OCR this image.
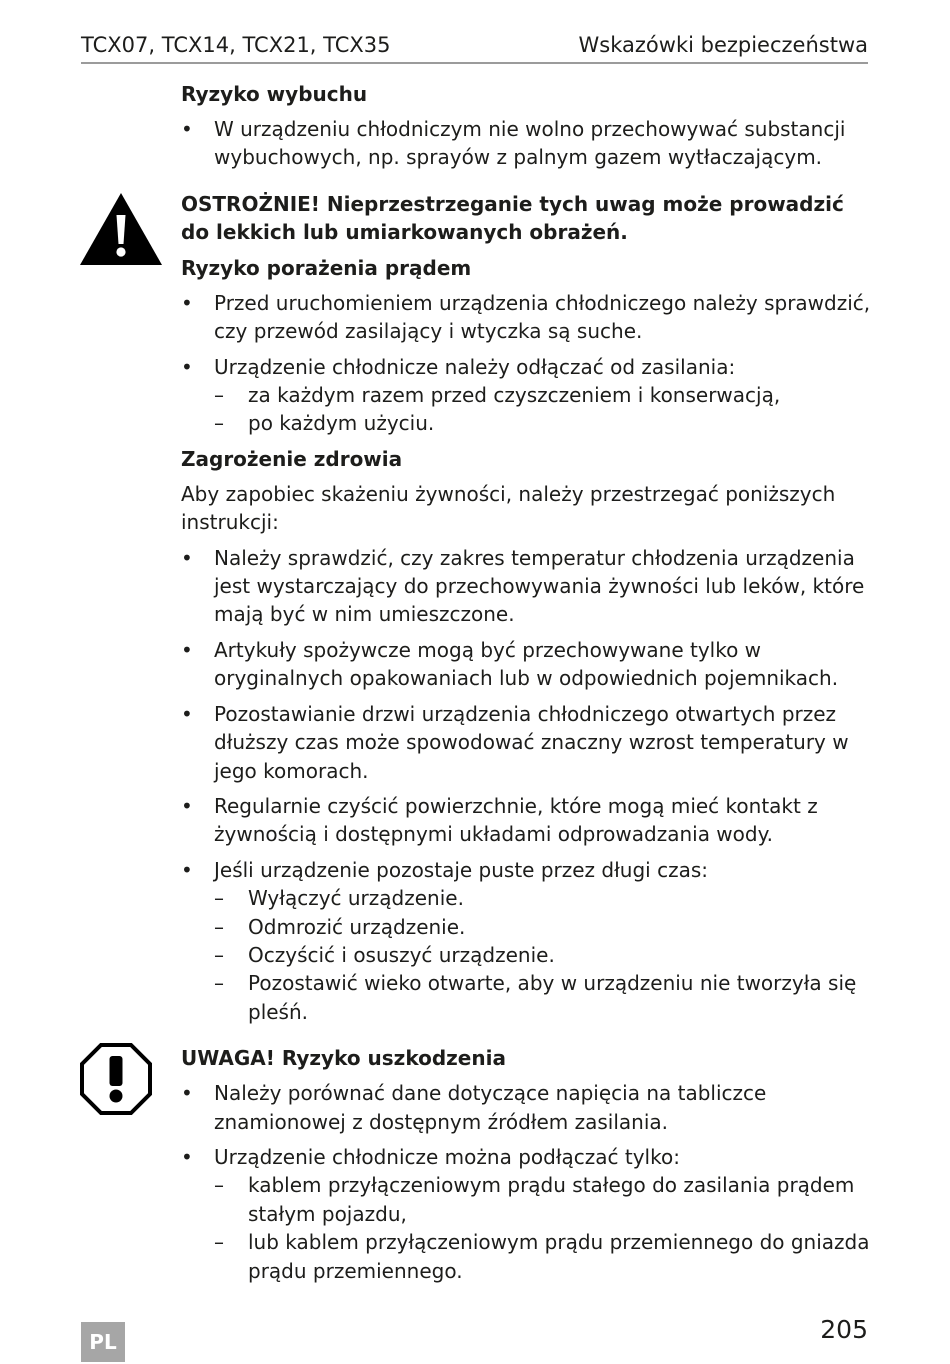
TCX07, TCX14, TCX21, TCX35	Wskazówki bezpieczeństwa
Ryzyko wybuchu
• W urządzeniu chłodniczym nie wolno przechowywać substancji wybuchowych, np. sprayów z palnym gazem wytłaczającym.
OSTROŻNIE! Nieprzestrzeganie tych uwag może prowadzić
do lekkich lub umiarkowanych obrażeń.
Ryzyko porażenia prądem
• Przed uruchomieniem urządzenia chłodniczego należy sprawdzić, czy przewód zasilający i wtyczka są suche.
• Urządzenie chłodnicze należy odłączać od zasilania:
– za każdym razem przed czyszczeniem i konserwacją,
– po każdym użyciu.
Zagrożenie zdrowia
Aby zapobiec skażeniu żywności, należy przestrzegać poniższych instrukcji:
• Należy sprawdzić, czy zakres temperatur chłodzenia urządzenia jest wystarczający do przechowywania żywności lub leków, które mają być w nim umieszczone.
• Artykuły spożywcze mogą być przechowywane tylko w oryginalnych opakowaniach lub w odpowiednich pojemnikach.
• Pozostawianie drzwi urządzenia chłodniczego otwartych przez dłuższy czas może spowodować znaczny wzrost temperatury w jego komorach.
• Regularnie czyścić powierzchnie, które mogą mieć kontakt z żywnością i dostępnymi układami odprowadzania wody.
• Jeśli urządzenie pozostaje puste przez długi czas:
– Wyłączyć urządzenie.
– Odmrozić urządzenie.
– Oczyścić i osuszyć urządzenie.
– Pozostawić wieko otwarte, aby w urządzeniu nie tworzyła się pleśń.
UWAGA! Ryzyko uszkodzenia
• Należy porównać dane dotyczące napięcia na tabliczce znamionowej z dostępnym źródłem zasilania.
• Urządzenie chłodnicze można podłączać tylko:
– kablem przyłączeniowym prądu stałego do zasilania prądem stałym pojazdu,
– lub kablem przyłączeniowym prądu przemiennego do gniazda prądu przemiennego.
PL	205
